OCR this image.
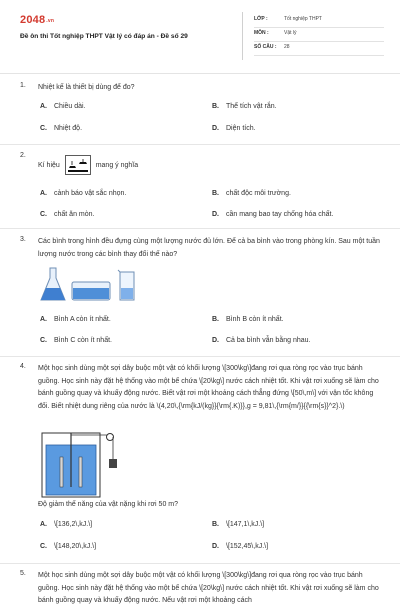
$2048^{.vn}$
Đề ôn thi Tốt nghiệp THPT Vật lý có đáp án - Đề số 29
LỚP :	Tốt nghiệp THPT
MÔN :	Vật lý
SỐ CÂU : 28
1. Nhiệt kế là thiết bị dùng để đo?
A. Chiều dài.	B. Thể tích vật rắn.
C. Nhiệt độ.	D. Diện tích.
2.
Kí hiệu	mang ý nghĩa
A. cảnh báo vật sắc nhọn.	B. chất độc môi trường.
C. chất ăn mòn.	D. cần mang bao tay chống hóa chất.
3. Các bình trong hình đều đựng cùng một lượng nước đủ lớn. Để cả ba bình vào trong phòng kín. Sau một tuần lượng nước trong các bình thay đổi thế nào?
A. Bình A còn ít nhất.	B. Bình B còn ít nhất.
C. Bình C còn ít nhất.	D. Cả ba bình vẫn bằng nhau.
4. Một học sinh dùng một sợi dây buộc một vật có khối lượng \[300\kg\]đang rơi qua ròng rọc vào trục bánh guồng. Học sinh này đặt hệ thống vào một bể chứa \[20\kg\] nước cách nhiệt tốt. Khi vật rơi xuống sẽ làm cho bánh guồng quay và khuấy động nước. Biết vật rơi một khoảng cách thẳng đứng \[50\,m\] với vận tốc không đổi. Biết nhiệt dung riêng của nước là \(4,20\,{\rm{kJ/(kg}}{\rm{.K)}},g = 9,81\,{\rm{m/}}{{\rm{s}}^2}.\)
Độ giảm thế năng của vật nặng khi rơi 50 m?
A. \[136,2\,kJ.\]	B. \[147,1\,kJ.\]
C. \[148,20\,kJ.\]	D. \[152,45\,kJ.\]
5. Một học sinh dùng một sợi dây buộc một vật có khối lượng \[300\kg\]đang rơi qua ròng rọc vào trục bánh guồng. Học sinh này đặt hệ thống vào một bể chứa \[20\kg\] nước cách nhiệt tốt. Khi vật rơi xuống sẽ làm cho bánh guồng quay và khuấy động nước. Nếu vật rơi một khoảng cách
